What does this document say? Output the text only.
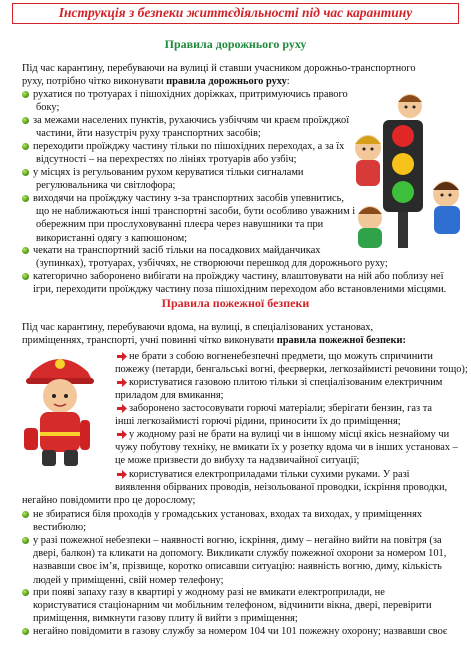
Інструкція з безпеки життєдіяльності під час карантину
Правила дорожнього руху
Під час карантину, перебуваючи на вулиці й ставши учасником дорожньо-транспортного
руху, потрібно чітко виконувати правила дорожнього руху:
рухатися по тротуарах і пішохідних доріжках, притримуючись правого
боку;
за межами населених пунктів, рухаючись узбіччям чи краєм проїжджої
частини, йти назустріч руху транспортних засобів;
переходити проїжджу частину тільки по пішохідних переходах, а за їх
відсутності – на перехрестях по лініях тротуарів або узбіч;
у місцях із регульованим рухом керуватися тільки сигналами
регулювальника чи світлофора;
виходячи на проїжджу частину з-за транспортних засобів упевнитись,
що не наближаються інші транспортні засоби, бути особливо уважним і
обережним при прослуховуванні плеєра через навушники та при
використанні одягу з капюшоном;
чекати на транспортний засіб тільки на посадкових майданчиках
(зупинках), тротуарах, узбіччях, не створюючи перешкод для дорожнього руху;
категорично заборонено вибігати на проїжджу частину, влаштовувати на ній або поблизу неї
ігри, переходити проїжджу частину поза пішохідним переходом або встановленими місцями.
Правила пожежної безпеки
Під час карантину, перебуваючи вдома, на вулиці, в спеціалізованих установах,
приміщеннях, транспорті, учні повинні чітко виконувати правила пожежної безпеки:
не брати з собою вогненебезпечні предмети, що можуть спричинити
пожежу (петарди, бенгальські вогні, феєрверки, легкозаймисті речовини тощо);
користуватися газовою плитою тільки зі спеціалізованим електричним
приладом для вмикання;
заборонено застосовувати горючі матеріали; зберігати бензин, газ та
інші легкозаймисті горючі рідини, приносити їх до приміщення;
у жодному разі не брати на вулиці чи в іншому місці якісь незнайому чи
чужу побутову техніку, не вмикати їх у розетку вдома чи в інших установах –
це може призвести до вибуху та надзвичайної ситуації;
користуватися електроприладами тільки сухими руками. У разі
виявлення обірваних проводів, неізольованої проводки, іскріння проводки,
негайно повідомити про це дорослому;
не збиратися біля проходів у громадських установах, входах та виходах, у приміщеннях
вестибюлю;
у разі пожежної небезпеки – наявності вогню, іскріння, диму – негайно вийти на повітря (за
двері, балкон) та кликати на допомогу. Викликати службу пожежної охорони за номером 101,
назвавши своє ім’я, прізвище, коротко описавши ситуацію: наявність вогню, диму, кількість
людей у приміщенні, свій номер телефону;
при появі запаху газу в квартирі у жодному разі не вмикати електроприлади, не
користуватися стаціонарним чи мобільним телефоном, відчинити вікна, двері, перевірити
приміщення, вимкнути газову плиту й вийти з приміщення;
негайно повідомити в газову службу за номером 104 чи 101 пожежну охорону; назвавши своє
